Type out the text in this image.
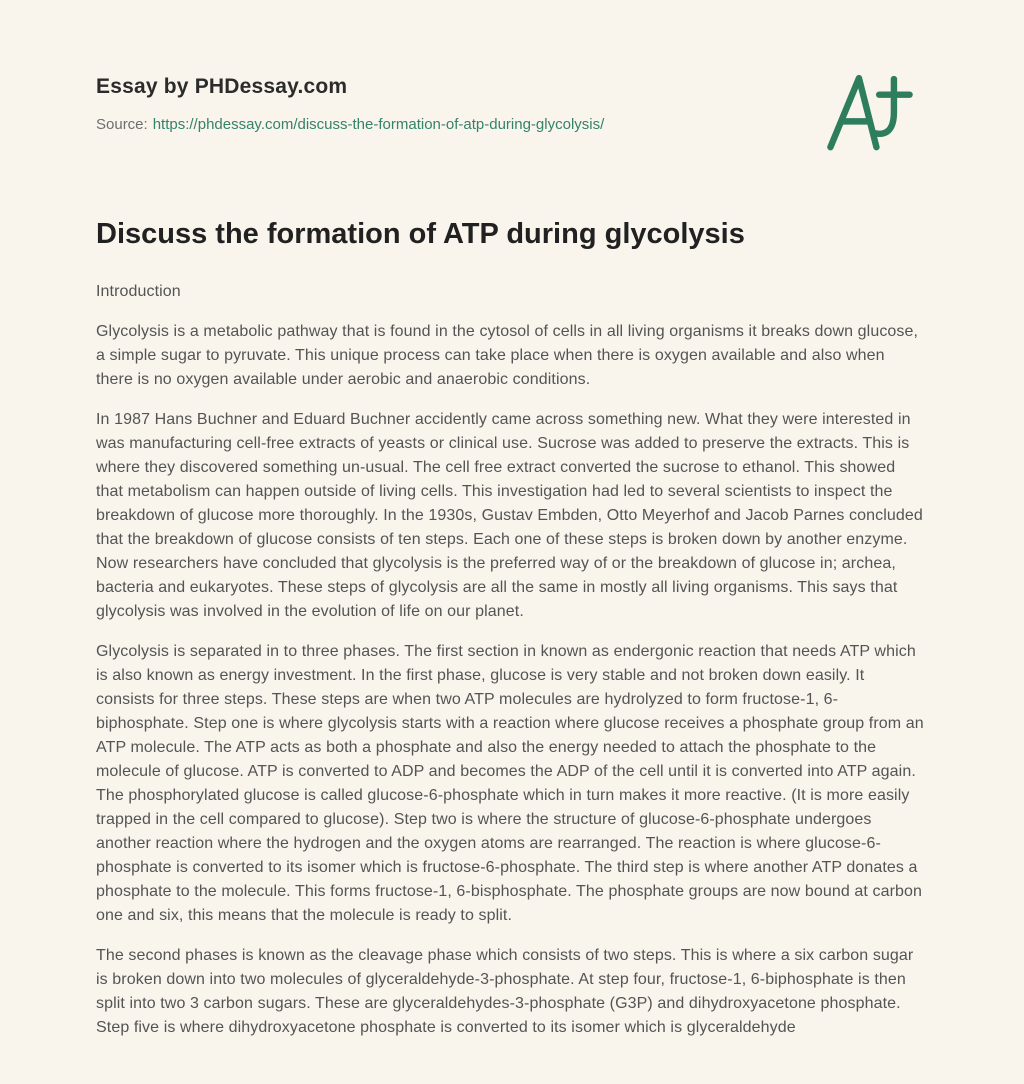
Essay by PHDessay.com

Source: https://phdessay.com/discuss-the-formation-of-atp-during-glycolysis/

Discuss the formation of ATP during glycolysis

Introduction

Glycolysis is a metabolic pathway that is found in the cytosol of cells in all living organisms it breaks down glucose, a simple sugar to pyruvate. This unique process can take place when there is oxygen available and also when there is no oxygen available under aerobic and anaerobic conditions.

In 1987 Hans Buchner and Eduard Buchner accidently came across something new. What they were interested in was manufacturing cell-free extracts of yeasts or clinical use. Sucrose was added to preserve the extracts. This is where they discovered something un-usual. The cell free extract converted the sucrose to ethanol. This showed that metabolism can happen outside of living cells. This investigation had led to several scientists to inspect the breakdown of glucose more thoroughly. In the 1930s, Gustav Embden, Otto Meyerhof and Jacob Parnes concluded that the breakdown of glucose consists of ten steps. Each one of these steps is broken down by another enzyme. Now researchers have concluded that glycolysis is the preferred way of or the breakdown of glucose in; archea, bacteria and eukaryotes. These steps of glycolysis are all the same in mostly all living organisms. This says that glycolysis was involved in the evolution of life on our planet.

Glycolysis is separated in to three phases. The first section in known as endergonic reaction that needs ATP which is also known as energy investment. In the first phase, glucose is very stable and not broken down easily. It consists for three steps. These steps are when two ATP molecules are hydrolyzed to form fructose-1, 6-biphosphate. Step one is where glycolysis starts with a reaction where glucose receives a phosphate group from an ATP molecule. The ATP acts as both a phosphate and also the energy needed to attach the phosphate to the molecule of glucose. ATP is converted to ADP and becomes the ADP of the cell until it is converted into ATP again. The phosphorylated glucose is called glucose-6-phosphate which in turn makes it more reactive. (It is more easily trapped in the cell compared to glucose). Step two is where the structure of glucose-6-phosphate undergoes another reaction where the hydrogen and the oxygen atoms are rearranged. The reaction is where glucose-6-phosphate is converted to its isomer which is fructose-6-phosphate. The third step is where another ATP donates a phosphate to the molecule. This forms fructose-1, 6-bisphosphate. The phosphate groups are now bound at carbon one and six, this means that the molecule is ready to split.

The second phases is known as the cleavage phase which consists of two steps. This is where a six carbon sugar is broken down into two molecules of glyceraldehyde-3-phosphate. At step four, fructose-1, 6-biphosphate is then split into two 3 carbon sugars. These are glyceraldehydes-3-phosphate (G3P) and dihydroxyacetone phosphate. Step five is where dihydroxyacetone phosphate is converted to its isomer which is glyceraldehyde
